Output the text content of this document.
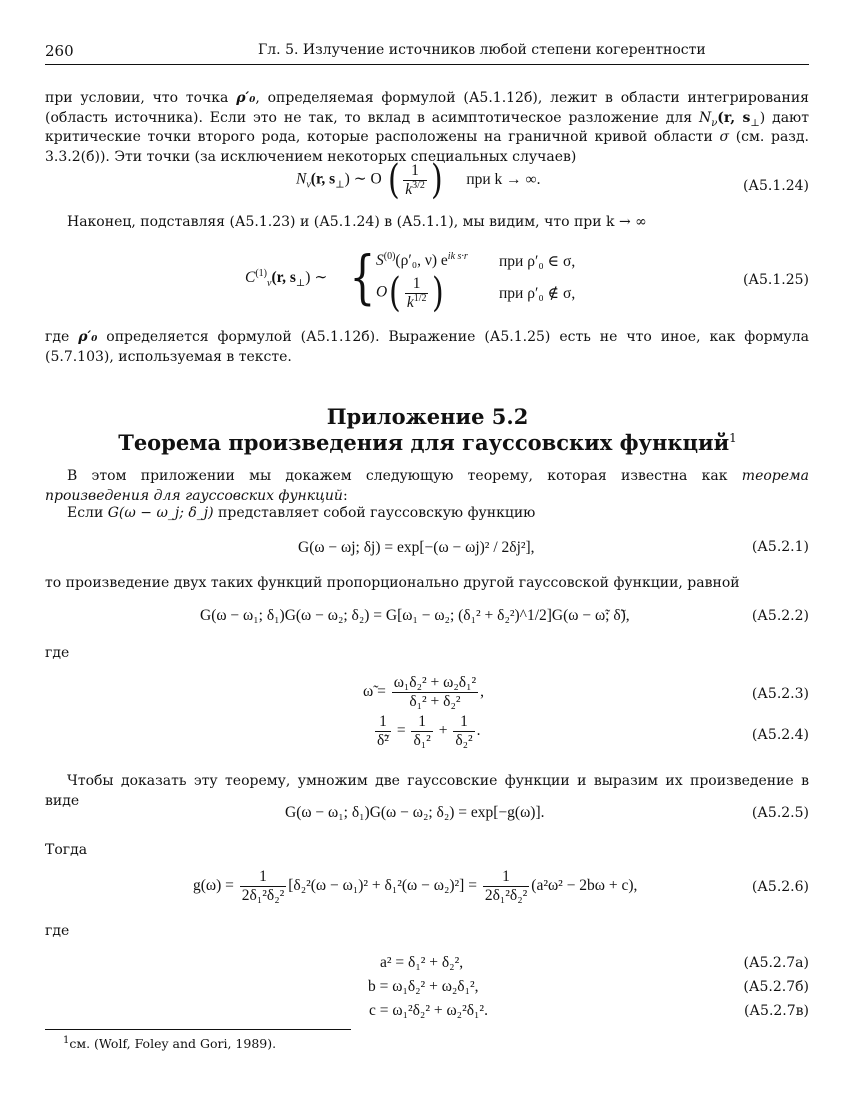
260	Гл. 5. Излучение источников любой степени когерентности
при условии, что точка ρ′₀, определяемая формулой (А5.1.12б), лежит в области интегрирования (область источника). Если это не так, то вклад в асимптотическое разложение для $N_\nu(r$, $s_\perp$) дают критические точки второго рода, которые расположены на граничной кривой области σ (см. разд. 3.3.2(б)). Эти точки (за исключением некоторых специальных случаев)
$N_\nu(r$, $s_\perp$) ∼ O ( $\frac{1}{k^{3/2}}$ ) при k → ∞.	(А5.1.24)
Наконец, подставляя (А5.1.23) и (А5.1.24) в (А5.1.1), мы видим, что при k → ∞
$C^{(1)}_\nu(r$, $s_\perp$) ∼ { $S^{(0)}(\rho'_0$, ν) $e^{ik s\cdot r}$ при ρ′₀ ∈ σ,
$O( \frac{1}{k^{1/2}}$ )	при ρ′₀ ∉ σ,
(А5.1.25)
где ρ′₀ определяется формулой (А5.1.12б). Выражение (А5.1.25) есть не что иное, как формула (5.7.103), используемая в тексте.
Приложение 5.2
Теорема произведения для гауссовских функций$^1$
В этом приложении мы докажем следующую теорему, которая известна как теорема произведения для гауссовских функций:
Если G(ω − ω_j; δ_j) представляет собой гауссовскую функцию
G(ω − ωj; δj) = exp[−(ω − ωj)² / 2δj²],	(А5.2.1)
то произведение двух таких функций пропорционально другой гауссовской функции, равной
G(ω − ω₁; δ₁)G(ω − ω₂; δ₂) = G[ω₁ − ω₂; (δ₁² + δ₂²)^1/2]G(ω − ω̃; δ̃),	(А5.2.2)
где
ω̃ = $\frac{\text{ω₁δ₂² + ω₂δ₁²}}{\text{δ₁² + δ₂²}}$ ,	(А5.2.3)
$\frac{1}{\text{δ̃²}} = \frac{1}{\text{δ₁²}} + \frac{1}{\text{δ₂²}}$ .	(А5.2.4)
Чтобы доказать эту теорему, умножим две гауссовские функции и выразим их произведение в виде
G(ω − ω₁; δ₁)G(ω − ω₂; δ₂) = exp[−g(ω)].	(А5.2.5)
Тогда
$g(\omega) = \frac{1}{\text{2δ₁²δ₂²}} [\delta_2^2(\omega - \omega_1)^2 + \delta_1^2(\omega - \omega_2)^2] = \frac{1}{\text{2δ₁²δ₂²}} (a^2\omega^2 - 2b\omega + c)$,	(А5.2.6)
где
a² = δ₁² + δ₂²,	(А5.2.7а)
b = ω₁δ₂² + ω₂δ₁²,	(А5.2.7б)
c = ω₁²δ₂² + ω₂²δ₁².	(А5.2.7в)
$^1$см. (Wolf, Foley and Gori, 1989).
